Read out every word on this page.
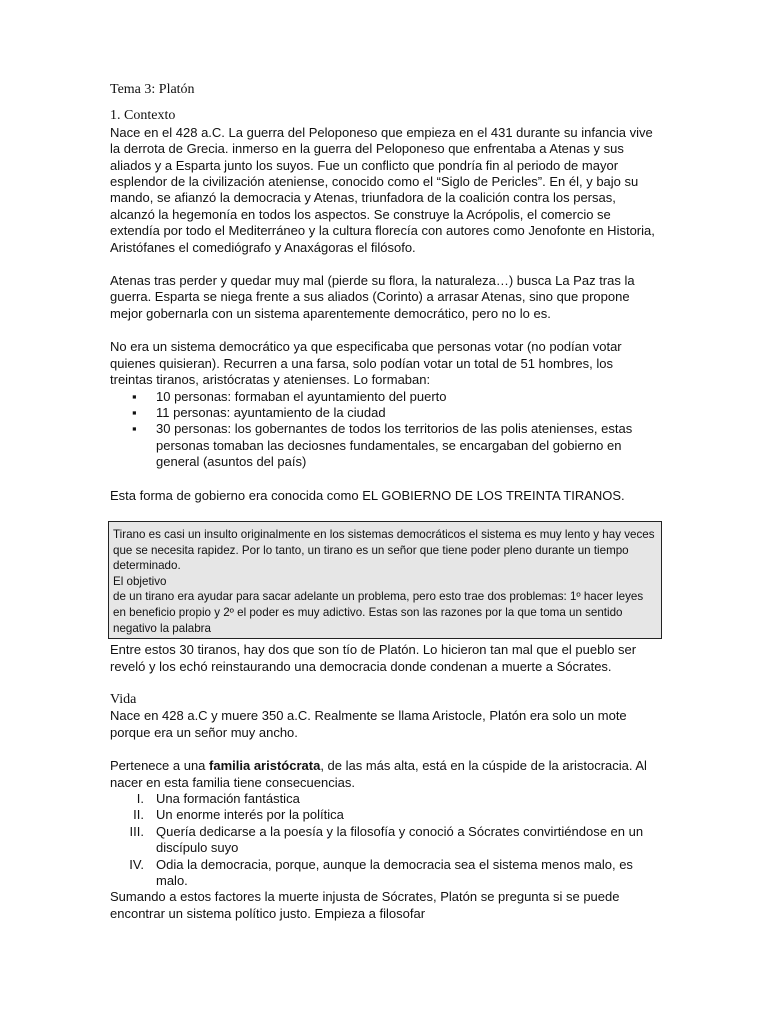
Tema 3: Platón
1. Contexto

Nace en el 428 a.C. La guerra del Peloponeso que empieza en el 431 durante su infancia vive la derrota de Grecia. inmerso en la guerra del Peloponeso que enfrentaba a Atenas y sus aliados y a Esparta junto los suyos. Fue un conflicto que pondría fin al periodo de mayor esplendor de la civilización ateniense, conocido como el “Siglo de Pericles”. En él, y bajo su mando, se afianzó la democracia y Atenas, triunfadora de la coalición contra los persas, alcanzó la hegemonía en todos los aspectos. Se construye la Acrópolis, el comercio se extendía por todo el Mediterráneo y la cultura florecía con autores como Jenofonte en Historia, Aristófanes el comediógrafo y Anaxágoras el filósofo.

Atenas tras perder y quedar muy mal (pierde su flora, la naturaleza…) busca La Paz tras la guerra. Esparta se niega frente a sus aliados (Corinto) a arrasar Atenas, sino que propone mejor gobernarla con un sistema aparentemente democrático, pero no lo es.

No era un sistema democrático ya que especificaba que personas votar (no podían votar quienes quisieran). Recurren a una farsa, solo podían votar un total de 51 hombres, los treintas tiranos, aristócratas y atenienses. Lo formaban:

▪ 10 personas: formaban el ayuntamiento del puerto
▪ 11 personas: ayuntamiento de la ciudad
▪ 30 personas: los gobernantes de todos los territorios de las polis atenienses, estas personas tomaban las deciosnes fundamentales, se encargaban del gobierno en general (asuntos del país)

Esta forma de gobierno era conocida como EL GOBIERNO DE LOS TREINTA TIRANOS.

Tirano es casi un insulto originalmente en los sistemas democráticos el sistema es muy lento y hay veces que se necesita rapidez. Por lo tanto, un tirano es un señor que tiene poder pleno durante un tiempo determinado.
El objetivo
de un tirano era ayudar para sacar adelante un problema, pero esto trae dos problemas: 1º hacer leyes en beneficio propio y 2º el poder es muy adictivo. Estas son las razones por la que toma un sentido negativo la palabra

Entre estos 30 tiranos, hay dos que son tío de Platón. Lo hicieron tan mal que el pueblo ser reveló y los echó reinstaurando una democracia donde condenan a muerte a Sócrates.

Vida

Nace en 428 a.C y muere 350 a.C. Realmente se llama Aristocle, Platón era solo un mote porque era un señor muy ancho.

Pertenece a una familia aristócrata, de las más alta, está en la cúspide de la aristocracia. Al nacer en esta familia tiene consecuencias.

I. Una formación fantástica
II. Un enorme interés por la política
III. Quería dedicarse a la poesía y la filosofía y conoció a Sócrates convirtiéndose en un discípulo suyo
IV. Odia la democracia, porque, aunque la democracia sea el sistema menos malo, es malo.

Sumando a estos factores la muerte injusta de Sócrates, Platón se pregunta si se puede encontrar un sistema político justo. Empieza a filosofar
